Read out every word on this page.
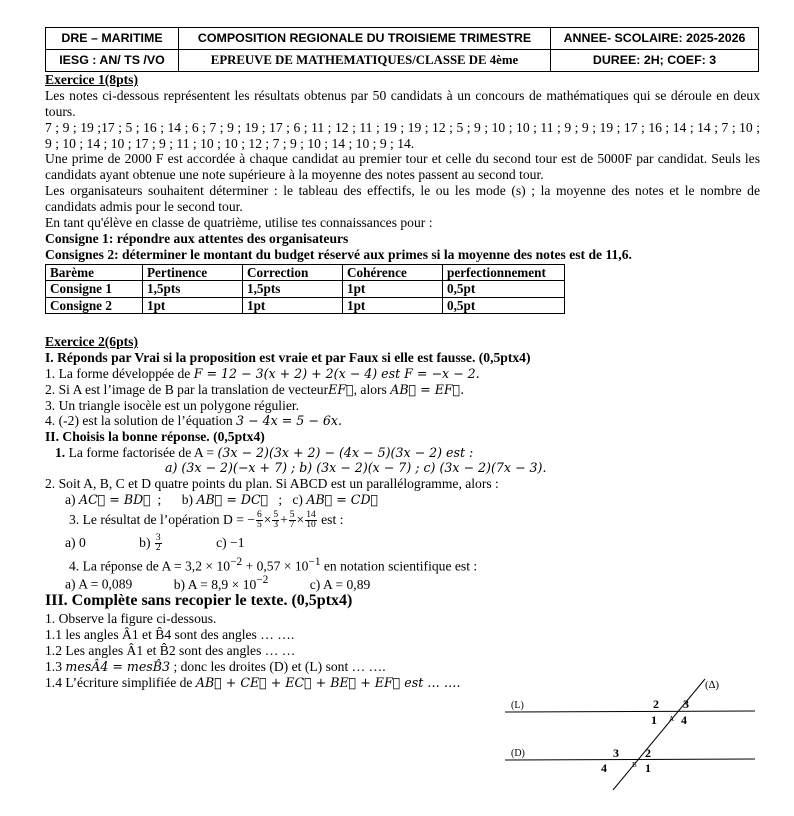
DRE – MARITIME	COMPOSITION REGIONALE DU TROISIEME TRIMESTRE	ANNEE- SCOLAIRE: 2025-2026
IESG : AN/ TS /VO	EPREUVE DE MATHEMATIQUES/CLASSE DE 4ème	DUREE: 2H; COEF: 3

Exercice 1(8pts)

Les notes ci-dessous représentent les résultats obtenus par 50 candidats à un concours de mathématiques qui se déroule en deux tours.

7 ; 9 ; 19 ;17 ; 5 ; 16 ; 14 ; 6 ; 7 ; 9 ; 19 ; 17 ; 6 ; 11 ; 12 ; 11 ; 19 ; 19 ; 12 ; 5 ; 9 ; 10 ; 10 ; 11 ; 9 ; 9 ; 19 ; 17 ; 16 ; 14 ; 14 ; 7 ; 10 ; 9 ; 10 ; 14 ; 10 ; 17 ; 9 ; 11 ; 10 ; 10 ; 12 ; 7 ; 9 ; 10 ; 14 ; 10 ; 9 ; 14.

Une prime de 2000 F est accordée à chaque candidat au premier tour et celle du second tour est de 5000F par candidat. Seuls les candidats ayant obtenue une note supérieure à la moyenne des notes passent au second tour.

Les organisateurs souhaitent déterminer : le tableau des effectifs, le ou les mode (s) ; la moyenne des notes et le nombre de candidats admis pour le second tour.

En tant qu'élève en classe de quatrième, utilise tes connaissances pour :

Consigne 1: répondre aux attentes des organisateurs

Consignes 2: déterminer le montant du budget réservé aux primes si la moyenne des notes est de 11,6.

Barème	Pertinence	Correction	Cohérence	perfectionnement
Consigne 1	1,5pts	1,5pts	1pt	0,5pt
Consigne 2	1pt	1pt	1pt	0,5pt

Exercice 2(6pts)

I. Réponds par Vrai si la proposition est vraie et par Faux si elle est fausse. (0,5ptx4)

1. La forme développée de F = 12 − 3(x + 2) + 2(x − 4) est F = −x − 2.

2. Si A est l’image de B par la translation de vecteurEF⃗, alors AB⃗ = EF⃗.

3. Un triangle isocèle est un polygone régulier.

4. (-2) est la solution de l’équation 3 − 4x = 5 − 6x.

II. Choisis la bonne réponse. (0,5ptx4)

1. La forme factorisée de A = (3x − 2)(3x + 2) − (4x − 5)(3x − 2) est :

a) (3x − 2)(−x + 7) ; b) (3x − 2)(x − 7) ; c) (3x − 2)(7x − 3).

2. Soit A, B, C et D quatre points du plan. Si ABCD est un parallélogramme, alors :

a) AC⃗ = BD⃗  ;      b) AB⃗ = DC⃗   ;   c) AB⃗ = CD⃗

3. Le résultat de l’opération D = − $\frac{6}{5} \times \frac{5}{3} + \frac{5}{7} \times \frac{14}{10}$ est :

a) 0	$b) \frac{3}{2}$	c) −1

4. La réponse de $A = 3,2 \times 10^{-2} + 0,57 \times 10^{-1}$ en notation scientifique est :

a) A = 0,089	b) $A = 8,9 \times 10^{-2}$	c) A = 0,89

III. Complète sans recopier le texte. (0,5ptx4)

1. Observe la figure ci-dessous.

1.1 les angles Â1 et B̂4 sont des angles … ….

1.2 Les angles Â1 et B̂2 sont des angles … …

1.3 mesÂ4 = mesB̂3 ; donc les droites (D) et (L) sont … ….

1.4 L’écriture simplifiée de AB⃗ + CE⃗ + EC⃗ + BE⃗ + EF⃗ est … ….	(∆)
(L)
(D)
A
B
2 3
1 4
3 2
4	1
